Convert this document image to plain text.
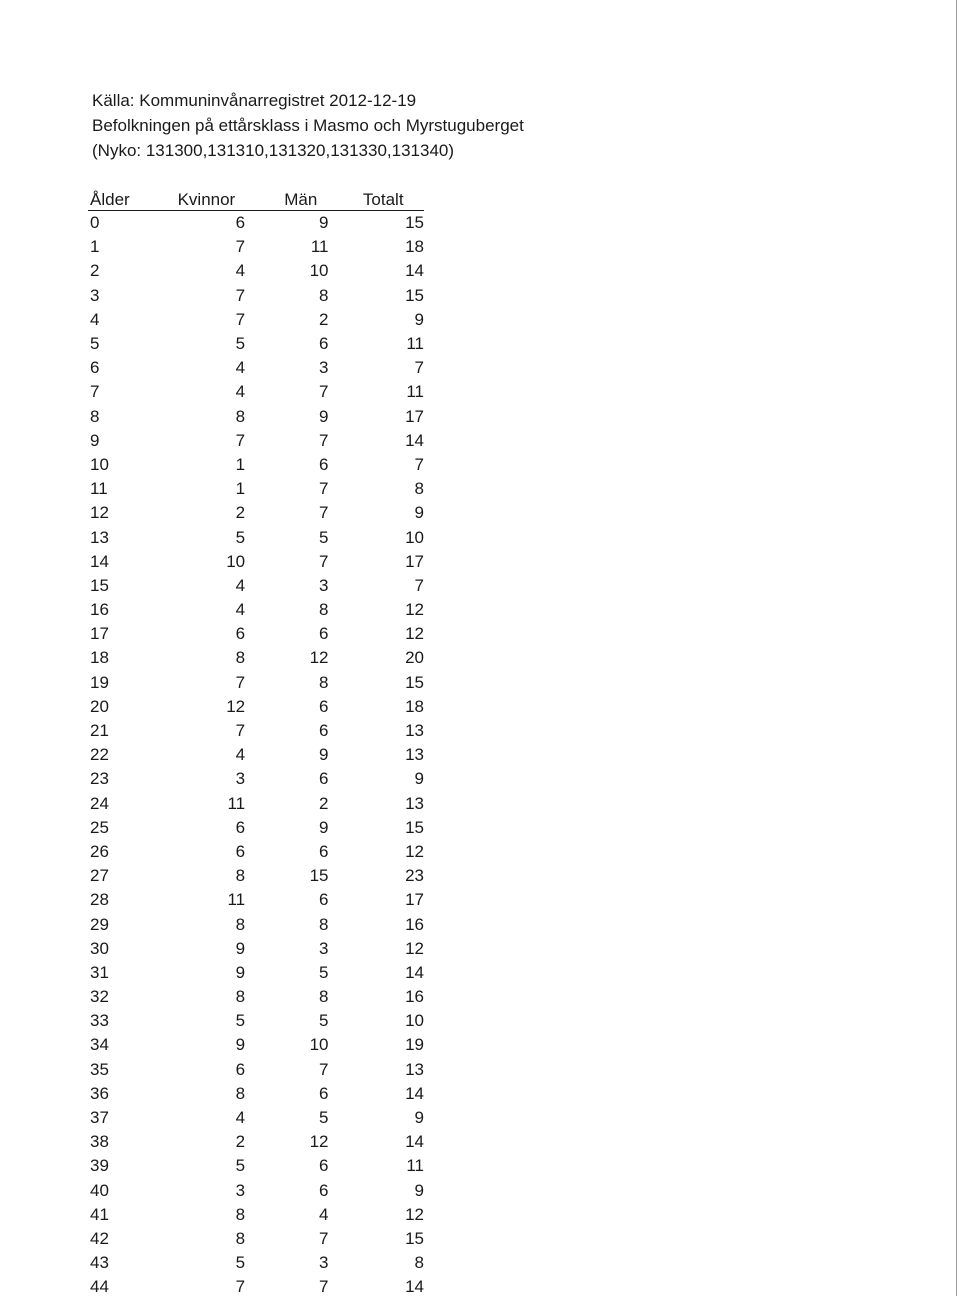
Källa: Kommuninvånarregistret 2012-12-19
Befolkningen på ettårsklass i Masmo och Myrstuguberget
(Nyko: 131300,131310,131320,131330,131340)
Ålder	Kvinnor	Män	Totalt
0	6	9	15
1	7	11	18
2	4	10	14
3	7	8	15
4	7	2	9
5	5	6	11
6	4	3	7
7	4	7	11
8	8	9	17
9	7	7	14
10	1	6	7
11	1	7	8
12	2	7	9
13	5	5	10
14	10	7	17
15	4	3	7
16	4	8	12
17	6	6	12
18	8	12	20
19	7	8	15
20	12	6	18
21	7	6	13
22	4	9	13
23	3	6	9
24	11	2	13
25	6	9	15
26	6	6	12
27	8	15	23
28	11	6	17
29	8	8	16
30	9	3	12
31	9	5	14
32	8	8	16
33	5	5	10
34	9	10	19
35	6	7	13
36	8	6	14
37	4	5	9
38	2	12	14
39	5	6	11
40	3	6	9
41	8	4	12
42	8	7	15
43	5	3	8
44	7	7	14
